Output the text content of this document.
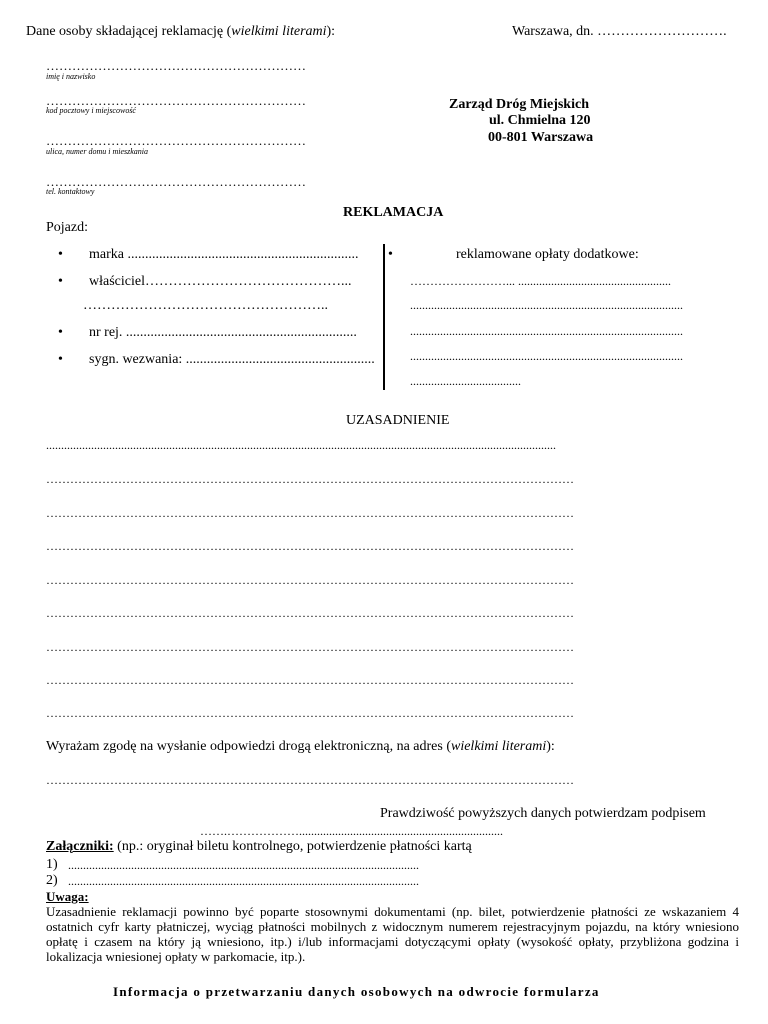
Dane osoby składającej reklamację (wielkimi literami):	Warszawa, dn. ……………………….
……………………………………………………
imię i nazwisko
……………………………………………………
kod pocztowy i miejscowość
……………………………………………………
ulica, numer domu i mieszkania
……………………………………………………
tel. kontaktowy
Zarząd Dróg Miejskich
ul. Chmielna 120
00-801 Warszawa
REKLAMACJA
Pojazd:
• marka ..................................................................
• właściciel……………………………………...
……………………………………………..
• nr rej. ..................................................................
• sygn. wezwania: ......................................................
•	reklamowane opłaty dodatkowe:
……………………... ...................................................
...........................................................................................
...........................................................................................
...........................................................................................
.....................................
UZASADNIENIE
..........................................................................................................................................................................
……………………………………………………………………………………………………………………
……………………………………………………………………………………………………………………
……………………………………………………………………………………………………………………
……………………………………………………………………………………………………………………
……………………………………………………………………………………………………………………
……………………………………………………………………………………………………………………
……………………………………………………………………………………………………………………
……………………………………………………………………………………………………………………
Wyrażam zgodę na wysłanie odpowiedzi drogą elektroniczną, na adres (wielkimi literami):
……………………………………………………………………………………………………………………
Prawdziwość powyższych danych potwierdzam podpisem
…….………………....................................................................
Załączniki: (np.: oryginał biletu kontrolnego, potwierdzenie płatności kartą
1) .....................................................................................................................
2) .....................................................................................................................
Uwaga:
Uzasadnienie reklamacji powinno być poparte stosownymi dokumentami (np. bilet, potwierdzenie płatności ze wskazaniem 4 ostatnich cyfr karty płatniczej, wyciąg płatności mobilnych z widocznym numerem rejestracyjnym pojazdu, na który wniesiono opłatę i czasem na który ją wniesiono, itp.) i/lub informacjami dotyczącymi opłaty (wysokość opłaty, przybliżona godzina i lokalizacja wniesionej opłaty w parkomacie, itp.).
Informacja o przetwarzaniu danych osobowych na odwrocie formularza
